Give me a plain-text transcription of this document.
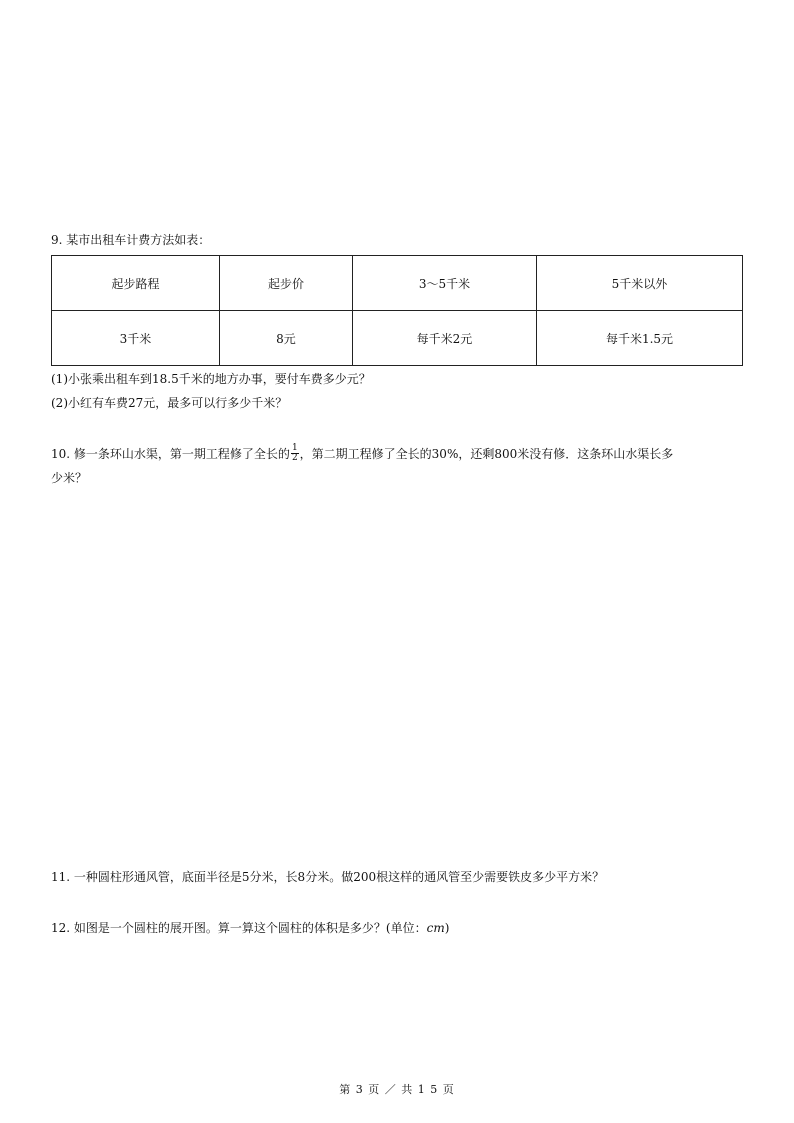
9. 某市出租车计费方法如表：

起步路程	起步价	3～5千米	5千米以外
3千米	8元	每千米2元	每千米1.5元

(1)小张乘出租车到18.5千米的地方办事，要付车费多少元？

(2)小红有车费27元，最多可以行多少千米？

10. 修一条环山水渠，第一期工程修了全长的 $\frac{1}{2}$ ，第二期工程修了全长的30%，还剩800米没有修．这条环山水渠长多
少米？

11. 一种圆柱形通风管，底面半径是5分米，长8分米。做200根这样的通风管至少需要铁皮多少平方米？

12. 如图是一个圆柱的展开图。算一算这个圆柱的体积是多少？(单位：cm)

第 3 页 ／ 共 1 5 页
